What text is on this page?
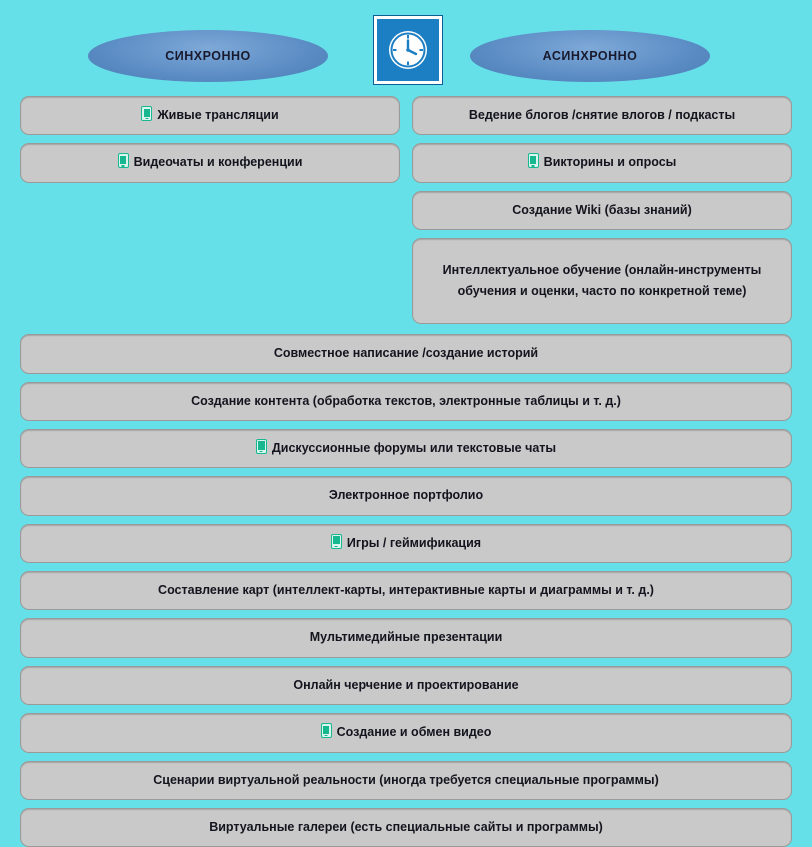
СИНХРОННО	АСИНХРОННО
Живые трансляции
Видеочаты и конференции
Ведение блогов /снятие влогов / подкасты
Викторины и опросы
Создание Wiki (базы знаний)
Интеллектуальное обучение (онлайн-инструменты обучения и оценки, часто по конкретной теме)
Совместное написание /создание историй
Создание контента (обработка текстов, электронные таблицы и т. д.)
Дискуссионные форумы или текстовые чаты
Электронное портфолио
Игры / геймификация
Составление карт (интеллект-карты, интерактивные карты и диаграммы и т. д.)
Мультимедийные презентации
Онлайн черчение и проектирование
Создание и обмен видео
Сценарии виртуальной реальности (иногда требуется специальные программы)
Виртуальные галереи (есть специальные сайты и программы)
